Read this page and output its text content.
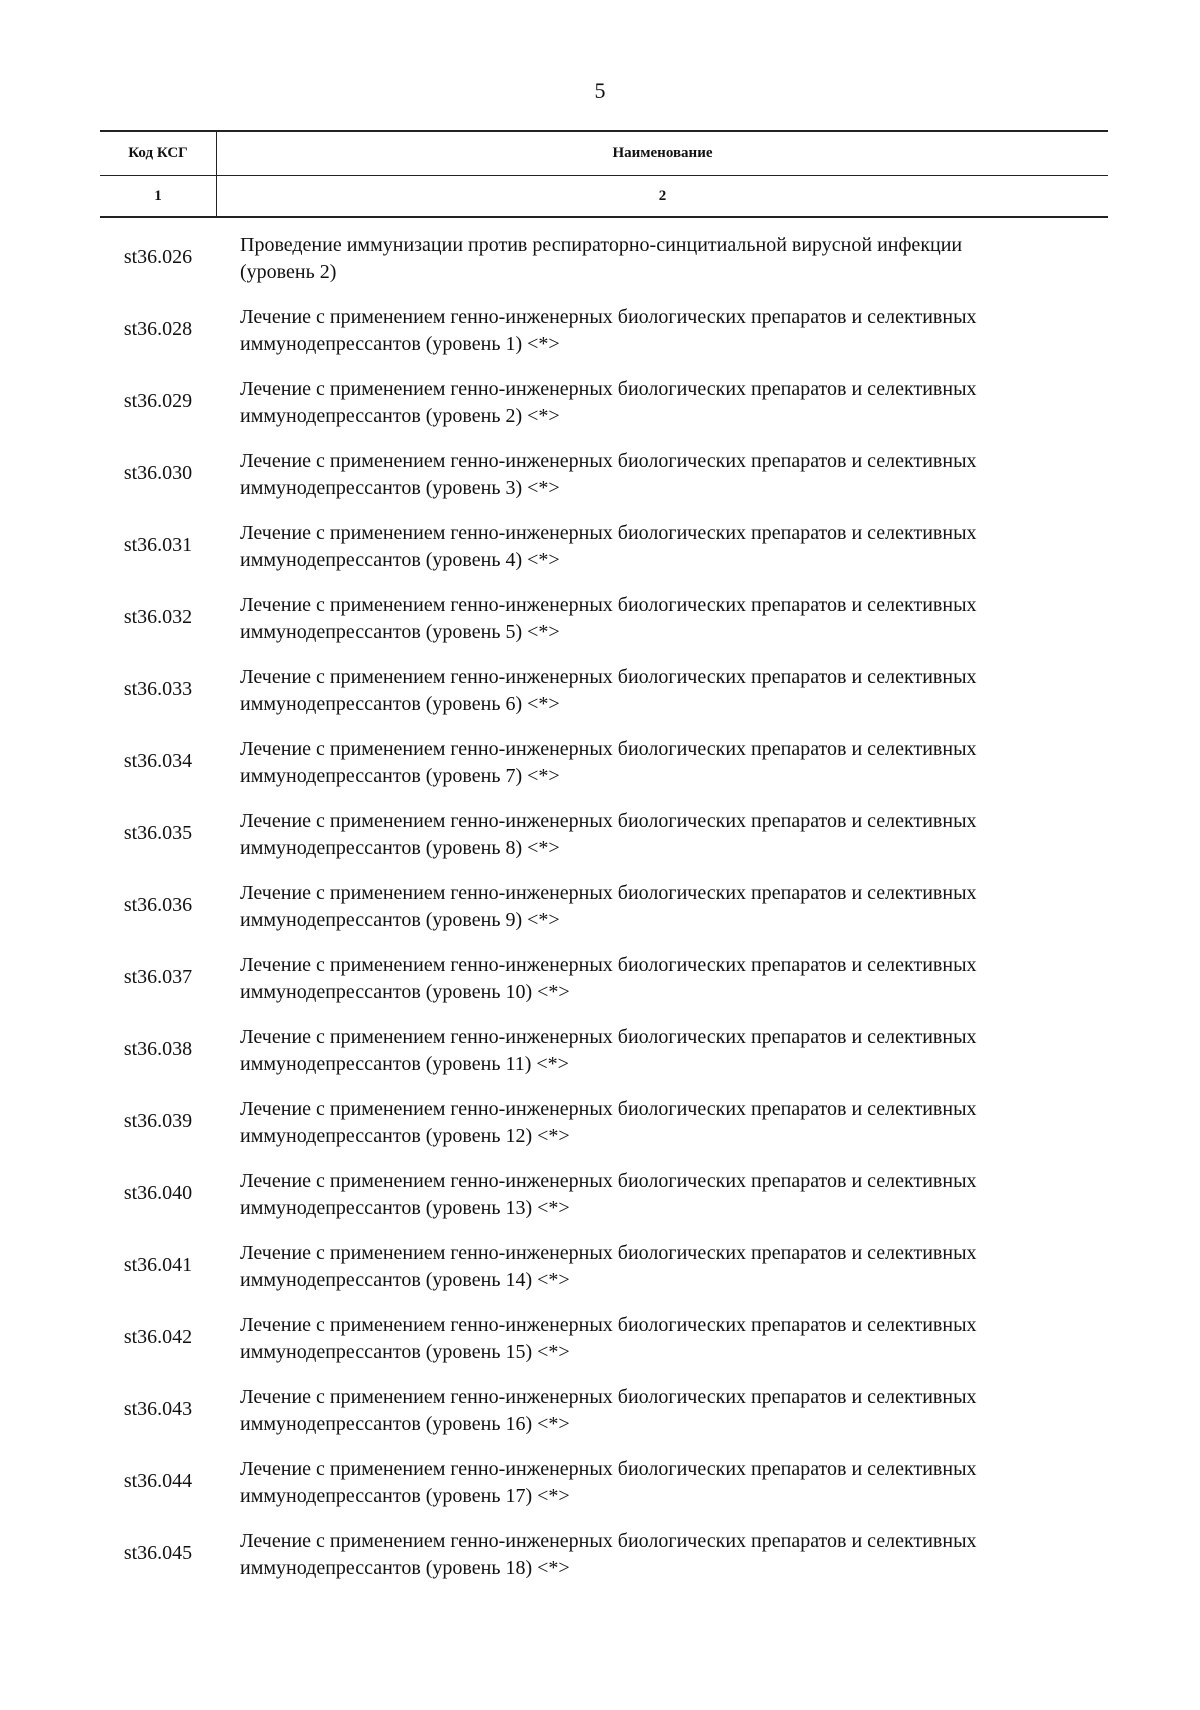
5
Код КСГ	Наименование
1	2
st36.026
Проведение иммунизации против респираторно-синцитиальной вирусной инфекции
(уровень 2)
st36.028
Лечение с применением генно-инженерных биологических препаратов и селективных
иммунодепрессантов (уровень 1) <*>
st36.029
Лечение с применением генно-инженерных биологических препаратов и селективных
иммунодепрессантов (уровень 2) <*>
st36.030
Лечение с применением генно-инженерных биологических препаратов и селективных
иммунодепрессантов (уровень 3) <*>
st36.031
Лечение с применением генно-инженерных биологических препаратов и селективных
иммунодепрессантов (уровень 4) <*>
st36.032
Лечение с применением генно-инженерных биологических препаратов и селективных
иммунодепрессантов (уровень 5) <*>
st36.033
Лечение с применением генно-инженерных биологических препаратов и селективных
иммунодепрессантов (уровень 6) <*>
st36.034
Лечение с применением генно-инженерных биологических препаратов и селективных
иммунодепрессантов (уровень 7) <*>
st36.035
Лечение с применением генно-инженерных биологических препаратов и селективных
иммунодепрессантов (уровень 8) <*>
st36.036
Лечение с применением генно-инженерных биологических препаратов и селективных
иммунодепрессантов (уровень 9) <*>
st36.037
Лечение с применением генно-инженерных биологических препаратов и селективных
иммунодепрессантов (уровень 10) <*>
st36.038
Лечение с применением генно-инженерных биологических препаратов и селективных
иммунодепрессантов (уровень 11) <*>
st36.039
Лечение с применением генно-инженерных биологических препаратов и селективных
иммунодепрессантов (уровень 12) <*>
st36.040
Лечение с применением генно-инженерных биологических препаратов и селективных
иммунодепрессантов (уровень 13) <*>
st36.041
Лечение с применением генно-инженерных биологических препаратов и селективных
иммунодепрессантов (уровень 14) <*>
st36.042
Лечение с применением генно-инженерных биологических препаратов и селективных
иммунодепрессантов (уровень 15) <*>
st36.043
Лечение с применением генно-инженерных биологических препаратов и селективных
иммунодепрессантов (уровень 16) <*>
st36.044
Лечение с применением генно-инженерных биологических препаратов и селективных
иммунодепрессантов (уровень 17) <*>
st36.045
Лечение с применением генно-инженерных биологических препаратов и селективных
иммунодепрессантов (уровень 18) <*>
